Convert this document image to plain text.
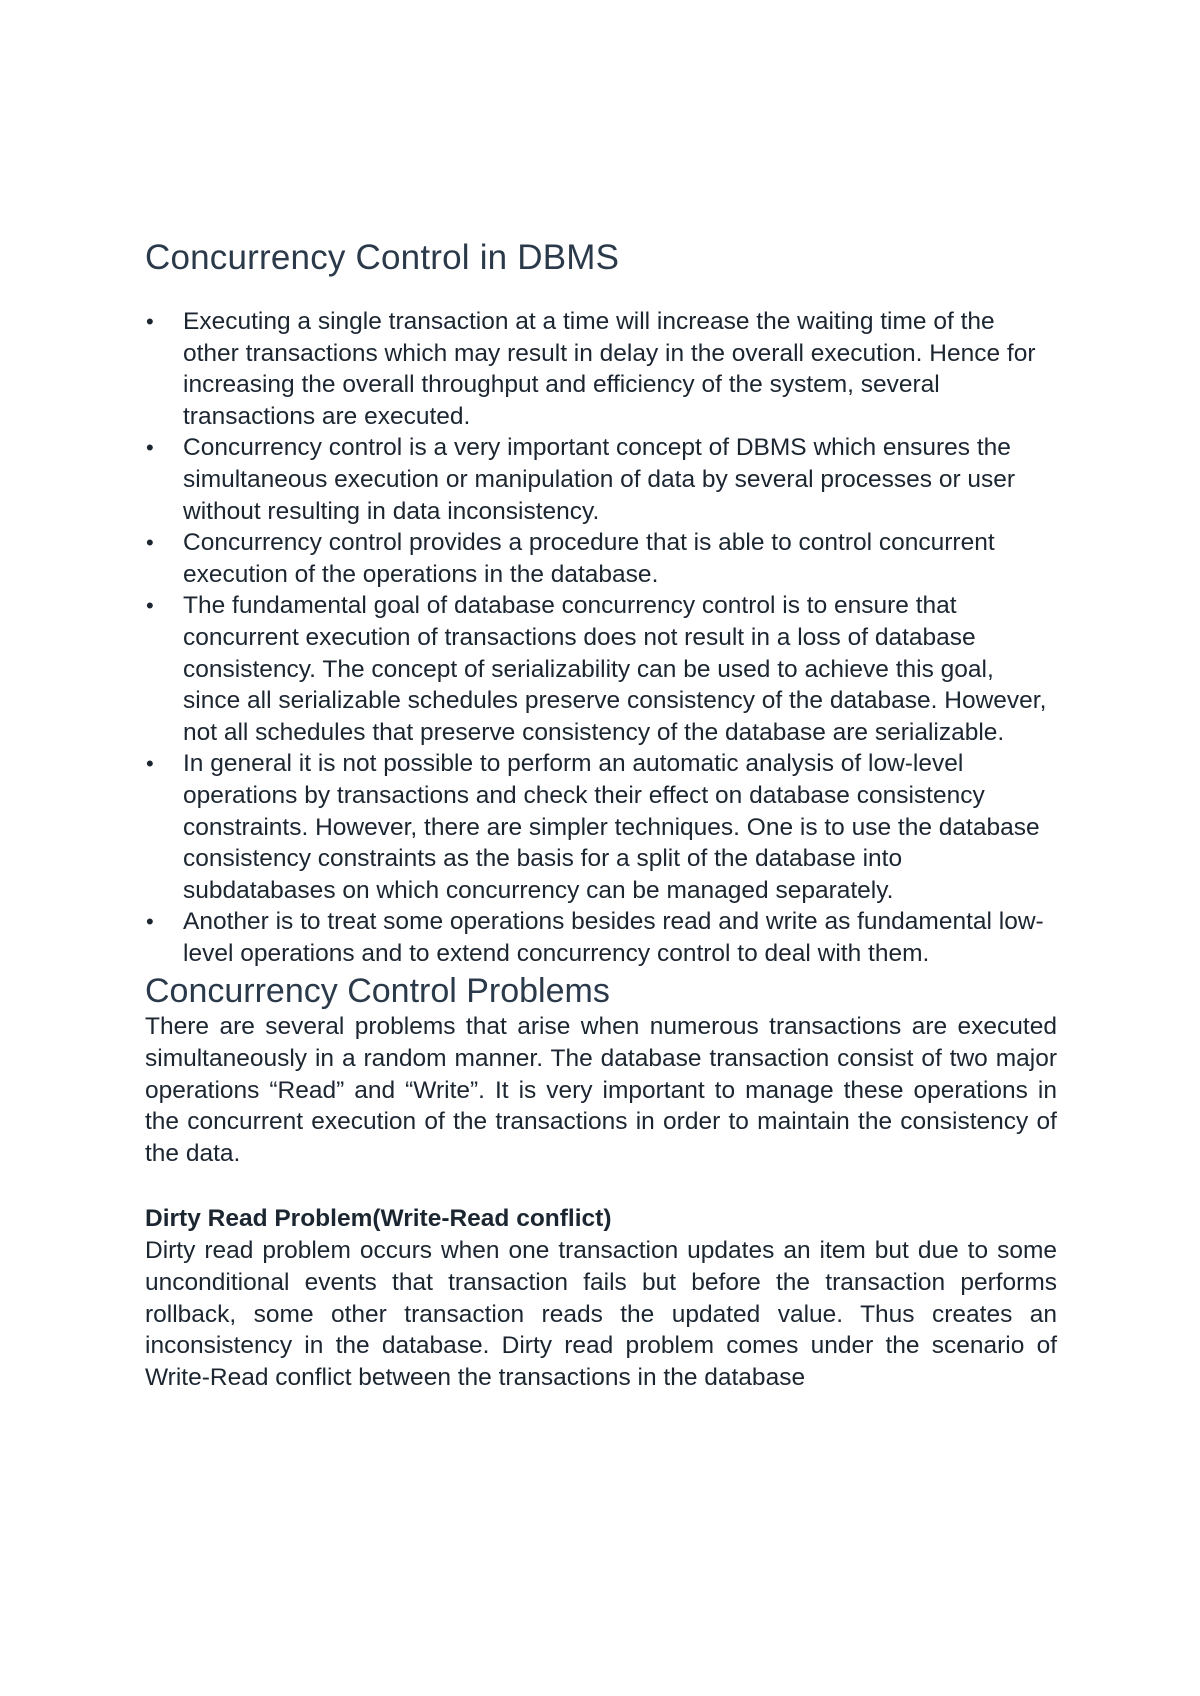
Concurrency Control in DBMS
• Executing a single transaction at a time will increase the waiting time of the other transactions which may result in delay in the overall execution. Hence for increasing the overall throughput and efficiency of the system, several transactions are executed.
• Concurrency control is a very important concept of DBMS which ensures the simultaneous execution or manipulation of data by several processes or user without resulting in data inconsistency.
• Concurrency control provides a procedure that is able to control concurrent execution of the operations in the database.
• The fundamental goal of database concurrency control is to ensure that concurrent execution of transactions does not result in a loss of database consistency. The concept of serializability can be used to achieve this goal, since all serializable schedules preserve consistency of the database. However, not all schedules that preserve consistency of the database are serializable.
• In general it is not possible to perform an automatic analysis of low-level operations by transactions and check their effect on database consistency constraints. However, there are simpler techniques. One is to use the database consistency constraints as the basis for a split of the database into subdatabases on which concurrency can be managed separately.
• Another is to treat some operations besides read and write as fundamental low-level operations and to extend concurrency control to deal with them.
Concurrency Control Problems

There are several problems that arise when numerous transactions are executed simultaneously in a random manner. The database transaction consist of two major operations “Read” and “Write”. It is very important to manage these operations in the concurrent execution of the transactions in order to maintain the consistency of the data.

Dirty Read Problem(Write-Read conflict)

Dirty read problem occurs when one transaction updates an item but due to some unconditional events that transaction fails but before the transaction performs rollback, some other transaction reads the updated value. Thus creates an inconsistency in the database. Dirty read problem comes under the scenario of Write-Read conflict between the transactions in the database
